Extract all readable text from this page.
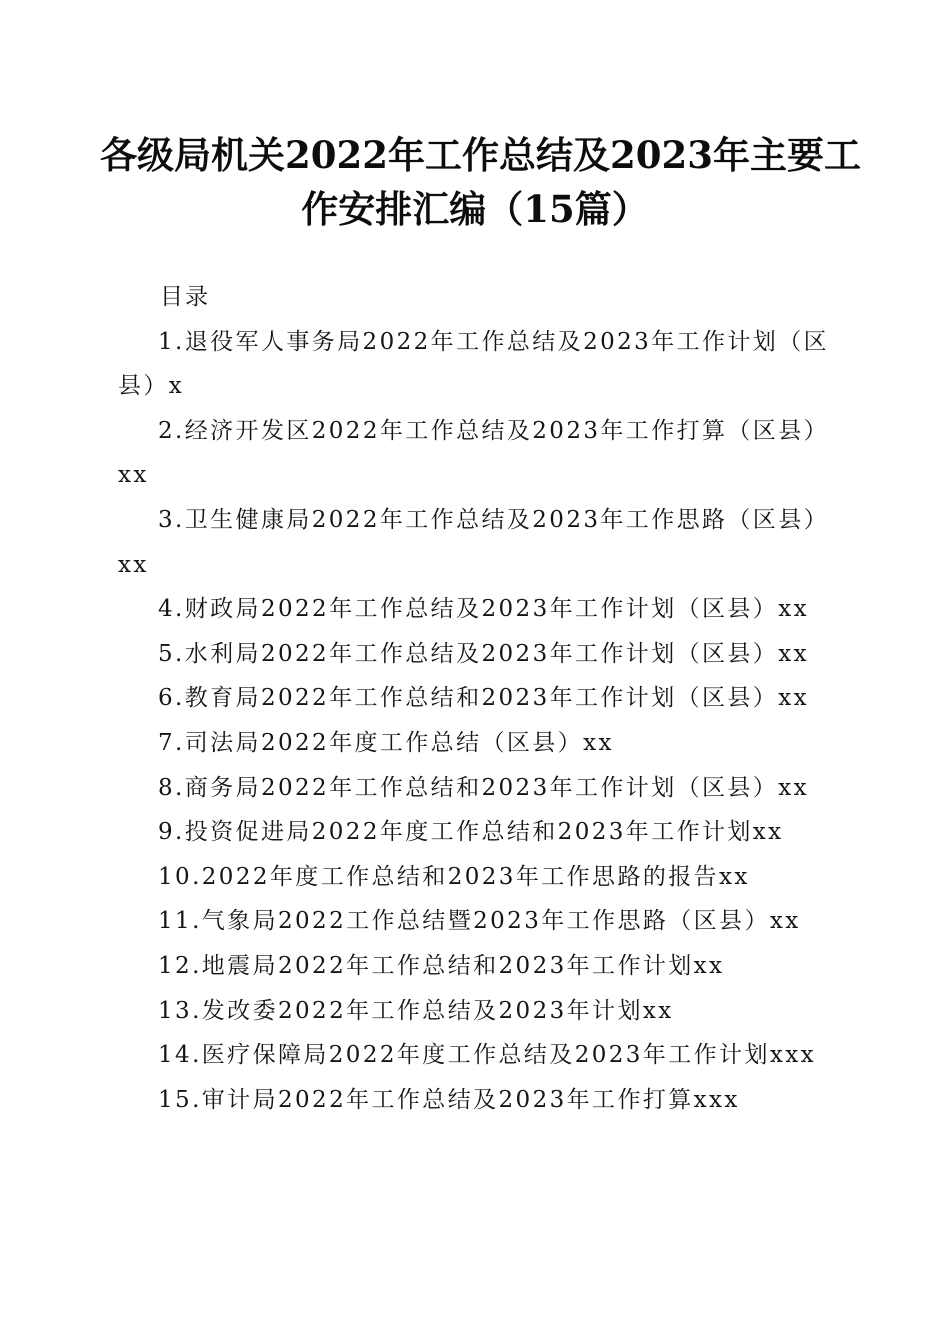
各级局机关2022年工作总结及2023年主要工
作安排汇编（15篇）
目录
1.退役军人事务局2022年工作总结及2023年工作计划（区县）x
2.经济开发区2022年工作总结及2023年工作打算（区县）xx
3.卫生健康局2022年工作总结及2023年工作思路（区县）xx
4.财政局2022年工作总结及2023年工作计划（区县）xx
5.水利局2022年工作总结及2023年工作计划（区县）xx
6.教育局2022年工作总结和2023年工作计划（区县）xx
7.司法局2022年度工作总结（区县）xx
8.商务局2022年工作总结和2023年工作计划（区县）xx
9.投资促进局2022年度工作总结和2023年工作计划xx
10.2022年度工作总结和2023年工作思路的报告xx
11.气象局2022工作总结暨2023年工作思路（区县）xx
12.地震局2022年工作总结和2023年工作计划xx
13.发改委2022年工作总结及2023年计划xx
14.医疗保障局2022年度工作总结及2023年工作计划xxx
15.审计局2022年工作总结及2023年工作打算xxx
